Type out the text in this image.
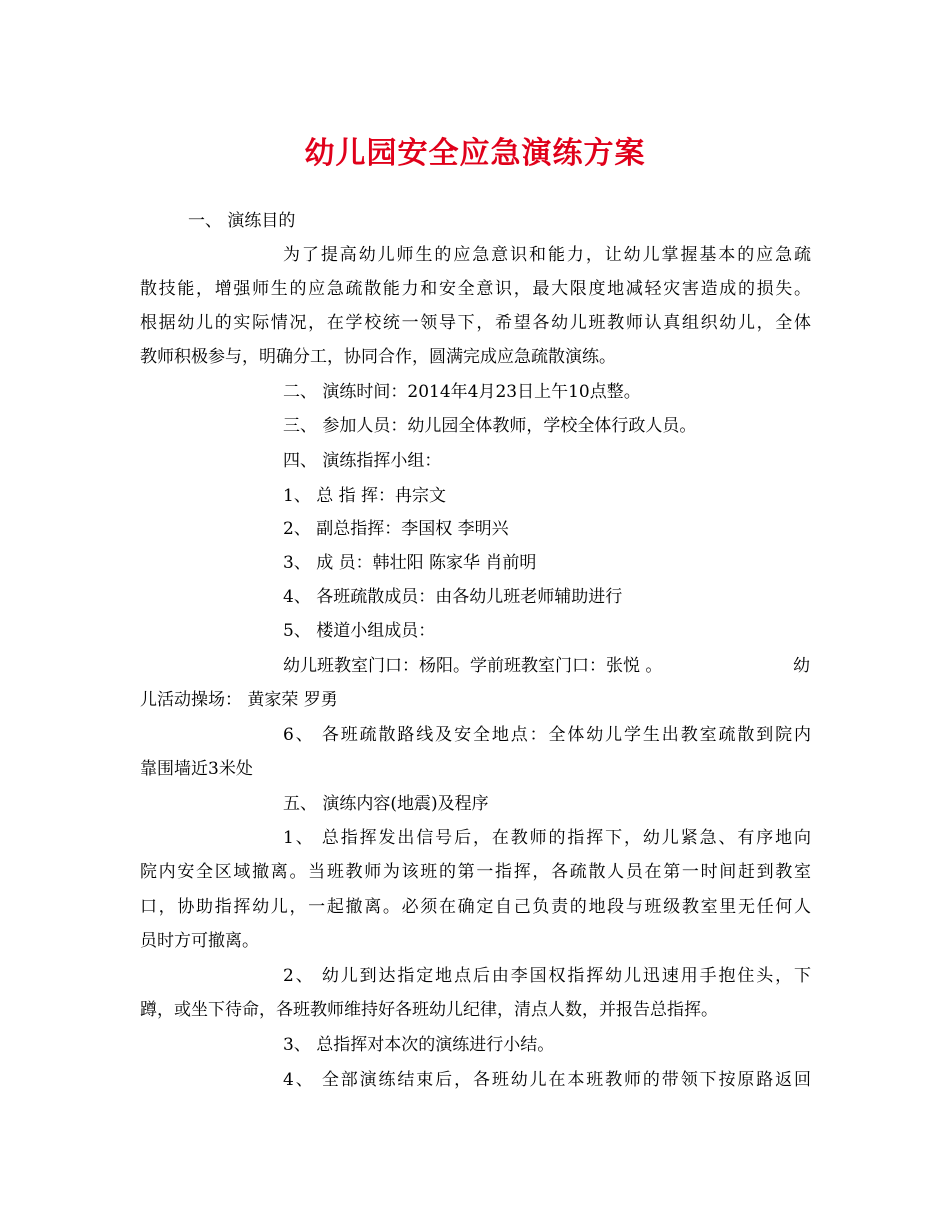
幼儿园安全应急演练方案
一、 演练目的
为了提高幼儿师生的应急意识和能力，让幼儿掌握基本的应急疏
散技能，增强师生的应急疏散能力和安全意识，最大限度地减轻灾害造成的损失。
根据幼儿的实际情况，在学校统一领导下，希望各幼儿班教师认真组织幼儿，全体
教师积极参与，明确分工，协同合作，圆满完成应急疏散演练。
二、 演练时间：2014年4月23日上午10点整。
三、 参加人员：幼儿园全体教师，学校全体行政人员。
四、 演练指挥小组：
1、 总 指 挥：冉宗文
2、 副总指挥：李国权 李明兴
3、 成 员：韩壮阳 陈家华 肖前明
4、 各班疏散成员：由各幼儿班老师辅助进行
5、 楼道小组成员：
幼儿班教室门口：杨阳。学前班教室门口：张悦 。	幼
儿活动操场： 黄家荣 罗勇
6、 各班疏散路线及安全地点：全体幼儿学生出教室疏散到院内
靠围墙近3米处
五、 演练内容(地震)及程序
1、 总指挥发出信号后，在教师的指挥下，幼儿紧急、有序地向
院内安全区域撤离。当班教师为该班的第一指挥，各疏散人员在第一时间赶到教室
口，协助指挥幼儿，一起撤离。必须在确定自己负责的地段与班级教室里无任何人
员时方可撤离。
2、 幼儿到达指定地点后由李国权指挥幼儿迅速用手抱住头，下
蹲，或坐下待命，各班教师维持好各班幼儿纪律，清点人数，并报告总指挥。
3、 总指挥对本次的演练进行小结。
4、 全部演练结束后，各班幼儿在本班教师的带领下按原路返回
